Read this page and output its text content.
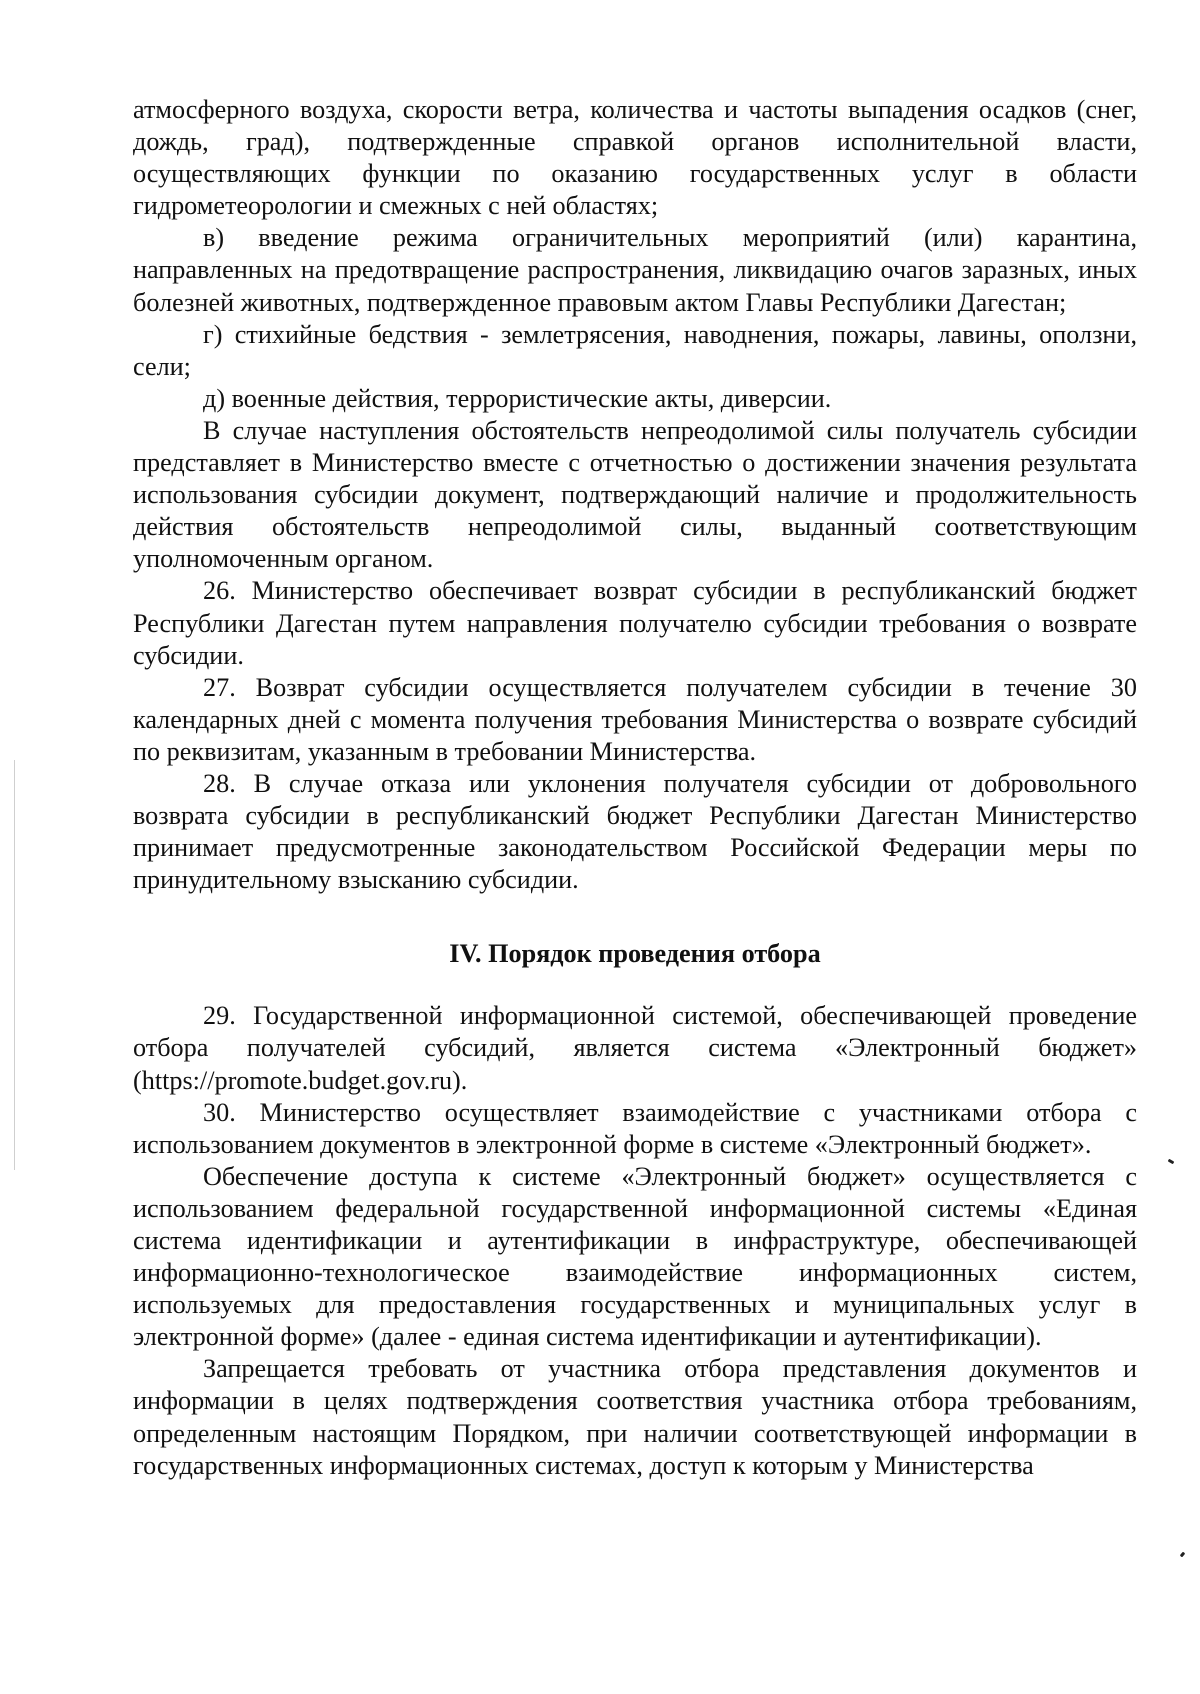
атмосферного воздуха, скорости ветра, количества и частоты выпадения осадков (снег, дождь, град), подтвержденные справкой органов исполнительной власти, осуществляющих функции по оказанию государственных услуг в области гидрометеорологии и смежных с ней областях;

в) введение режима ограничительных мероприятий (или) карантина, направленных на предотвращение распространения, ликвидацию очагов заразных, иных болезней животных, подтвержденное правовым актом Главы Республики Дагестан;

г) стихийные бедствия - землетрясения, наводнения, пожары, лавины, оползни, сели;

д) военные действия, террористические акты, диверсии.

В случае наступления обстоятельств непреодолимой силы получатель субсидии представляет в Министерство вместе с отчетностью о достижении значения результата использования субсидии документ, подтверждающий наличие и продолжительность действия обстоятельств непреодолимой силы, выданный соответствующим уполномоченным органом.

26. Министерство обеспечивает возврат субсидии в республиканский бюджет Республики Дагестан путем направления получателю субсидии требования о возврате субсидии.

27. Возврат субсидии осуществляется получателем субсидии в течение 30 календарных дней с момента получения требования Министерства о возврате субсидий по реквизитам, указанным в требовании Министерства.

28. В случае отказа или уклонения получателя субсидии от добровольного возврата субсидии в республиканский бюджет Республики Дагестан Министерство принимает предусмотренные законодательством Российской Федерации меры по принудительному взысканию субсидии.

IV. Порядок проведения отбора

29. Государственной информационной системой, обеспечивающей проведение отбора получателей субсидий, является система «Электронный бюджет» (https://promote.budget.gov.ru).

30. Министерство осуществляет взаимодействие с участниками отбора с использованием документов в электронной форме в системе «Электронный бюджет».

Обеспечение доступа к системе «Электронный бюджет» осуществляется с использованием федеральной государственной информационной системы «Единая система идентификации и аутентификации в инфраструктуре, обеспечивающей информационно-технологическое взаимодействие информационных систем, используемых для предоставления государственных и муниципальных услуг в электронной форме» (далее - единая система идентификации и аутентификации).

Запрещается требовать от участника отбора представления документов и информации в целях подтверждения соответствия участника отбора требованиям, определенным настоящим Порядком, при наличии соответствующей информации в государственных информационных системах, доступ к которым у Министерства
